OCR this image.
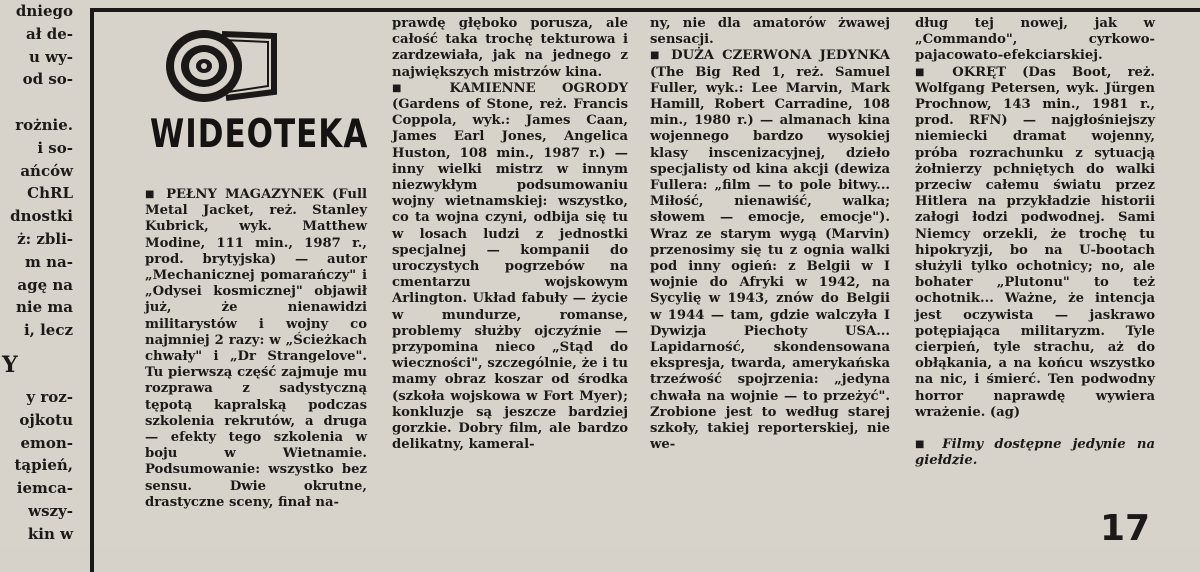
dniego
ał de-
u wy-
od so-
rożnie.
i so-
ańców
ChRL
dnostki
ż: zbli-
m na-
agę na
nie ma
i, lecz
Y
y roz-
ojkotu
emon-
tąpień,
iemca-
wszy-
kin w
WIDEOTEKA

■ PEŁNY MAGAZYNEK (Full Metal Jacket, reż. Stanley Kubrick, wyk. Matthew Modine, 111 min., 1987 r., prod. brytyjska) — autor „Mechanicznej pomarańczy" i „Odysei kosmicznej" objawił już, że nienawidzi militarystów i wojny co najmniej 2 razy: w „Ścieżkach chwały" i „Dr Strangelove". Tu pierwszą część zajmuje mu rozprawa z sadystyczną tępotą kapralską podczas szkolenia rekrutów, a druga — efekty tego szkolenia w boju w Wietnamie. Podsumowanie: wszystko bez sensu. Dwie okrutne, drastyczne sceny, finał na-

prawdę głęboko porusza, ale całość taka trochę tekturowa i zardzewiała, jak na jednego z największych mistrzów kina.

■ KAMIENNE OGRODY (Gardens of Stone, reż. Francis Coppola, wyk.: James Caan, James Earl Jones, Angelica Huston, 108 min., 1987 r.) — inny wielki mistrz w innym niezwykłym podsumowaniu wojny wietnamskiej: wszystko, co ta wojna czyni, odbija się tu w losach ludzi z jednostki specjalnej — kompanii do uroczystych pogrzebów na cmentarzu wojskowym Arlington. Układ fabuły — życie w mundurze, romanse, problemy służby ojczyźnie — przypomina nieco „Stąd do wieczności", szczególnie, że i tu mamy obraz koszar od środka (szkoła wojskowa w Fort Myer); konkluzje są jeszcze bardziej gorzkie. Dobry film, ale bardzo delikatny, kameral-

ny, nie dla amatorów żwawej sensacji.

■ DUŻA CZERWONA JEDYNKA (The Big Red 1, reż. Samuel Fuller, wyk.: Lee Marvin, Mark Hamill, Robert Carradine, 108 min., 1980 r.) — almanach kina wojennego bardzo wysokiej klasy inscenizacyjnej, dzieło specjalisty od kina akcji (dewiza Fullera: „film — to pole bitwy... Miłość, nienawiść, walka; słowem — emocje, emocje"). Wraz ze starym wygą (Marvin) przenosimy się tu z ognia walki pod inny ogień: z Belgii w I wojnie do Afryki w 1942, na Sycylię w 1943, znów do Belgii w 1944 — tam, gdzie walczyła I Dywizja Piechoty USA... Lapidarność, skondensowana ekspresja, twarda, amerykańska trzeźwość spojrzenia: „jedyna chwała na wojnie — to przeżyć". Zrobione jest to według starej szkoły, takiej reporterskiej, nie we-

dług tej nowej, jak w „Commando", cyrkowo-pajacowato-efekciarskiej.

■ OKRĘT (Das Boot, reż. Wolfgang Petersen, wyk. Jürgen Prochnow, 143 min., 1981 r., prod. RFN) — najgłośniejszy niemiecki dramat wojenny, próba rozrachunku z sytuacją żołnierzy pchniętych do walki przeciw całemu światu przez Hitlera na przykładzie historii załogi łodzi podwodnej. Sami Niemcy orzekli, że trochę tu hipokryzji, bo na U-bootach służyli tylko ochotnicy; no, ale bohater „Plutonu" to też ochotnik... Ważne, że intencja jest oczywista — jaskrawo potępiająca militaryzm. Tyle cierpień, tyle strachu, aż do obłąkania, a na końcu wszystko na nic, i śmierć. Ten podwodny horror naprawdę wywiera wrażenie. (ag)

■ Filmy dostępne jedynie na giełdzie.

17
